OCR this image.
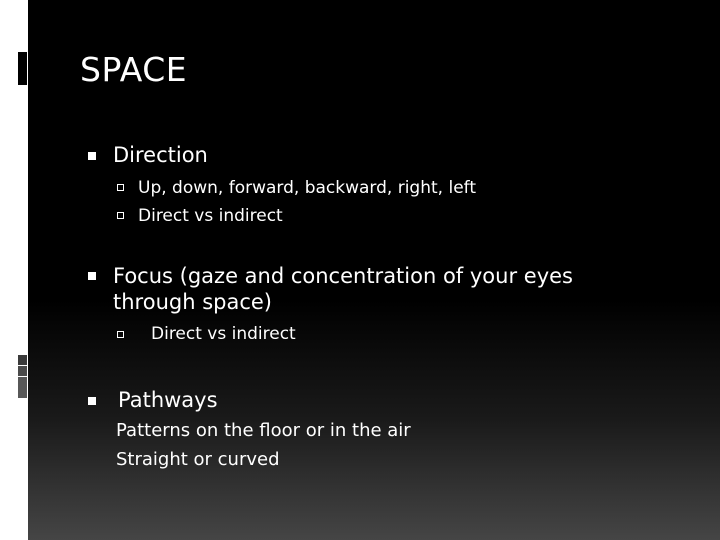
SPACE
Direction
Up, down, forward, backward, right, left
Direct vs indirect
Focus (gaze and concentration of your eyes
through space)
Direct vs indirect
Pathways
Patterns on the floor or in the air
Straight or curved
